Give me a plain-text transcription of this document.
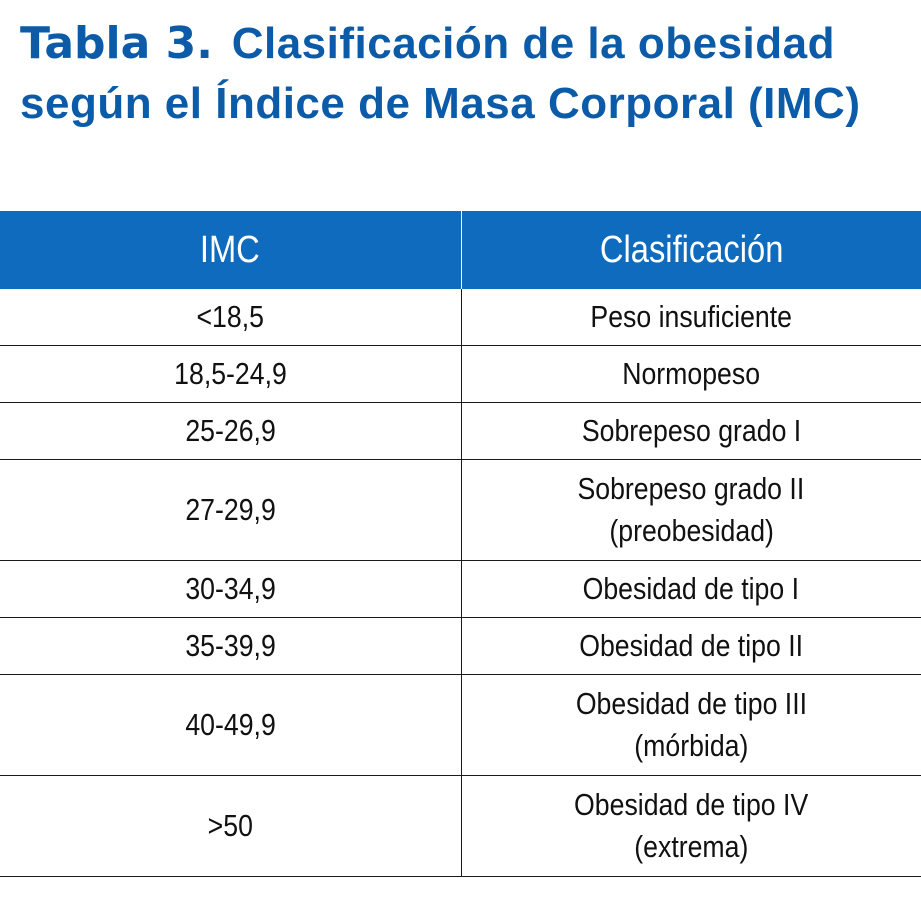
Tabla 3. Clasificación de la obesidad según el Índice de Masa Corporal (IMC)
IMC	Clasificación
<18,5	Peso insuficiente
18,5-24,9	Normopeso
25-26,9	Sobrepeso grado I
27-29,9	Sobrepeso grado II
(preobesidad)
30-34,9	Obesidad de tipo I
35-39,9	Obesidad de tipo II
40-49,9	Obesidad de tipo III
(mórbida)
>50	Obesidad de tipo IV
(extrema)
